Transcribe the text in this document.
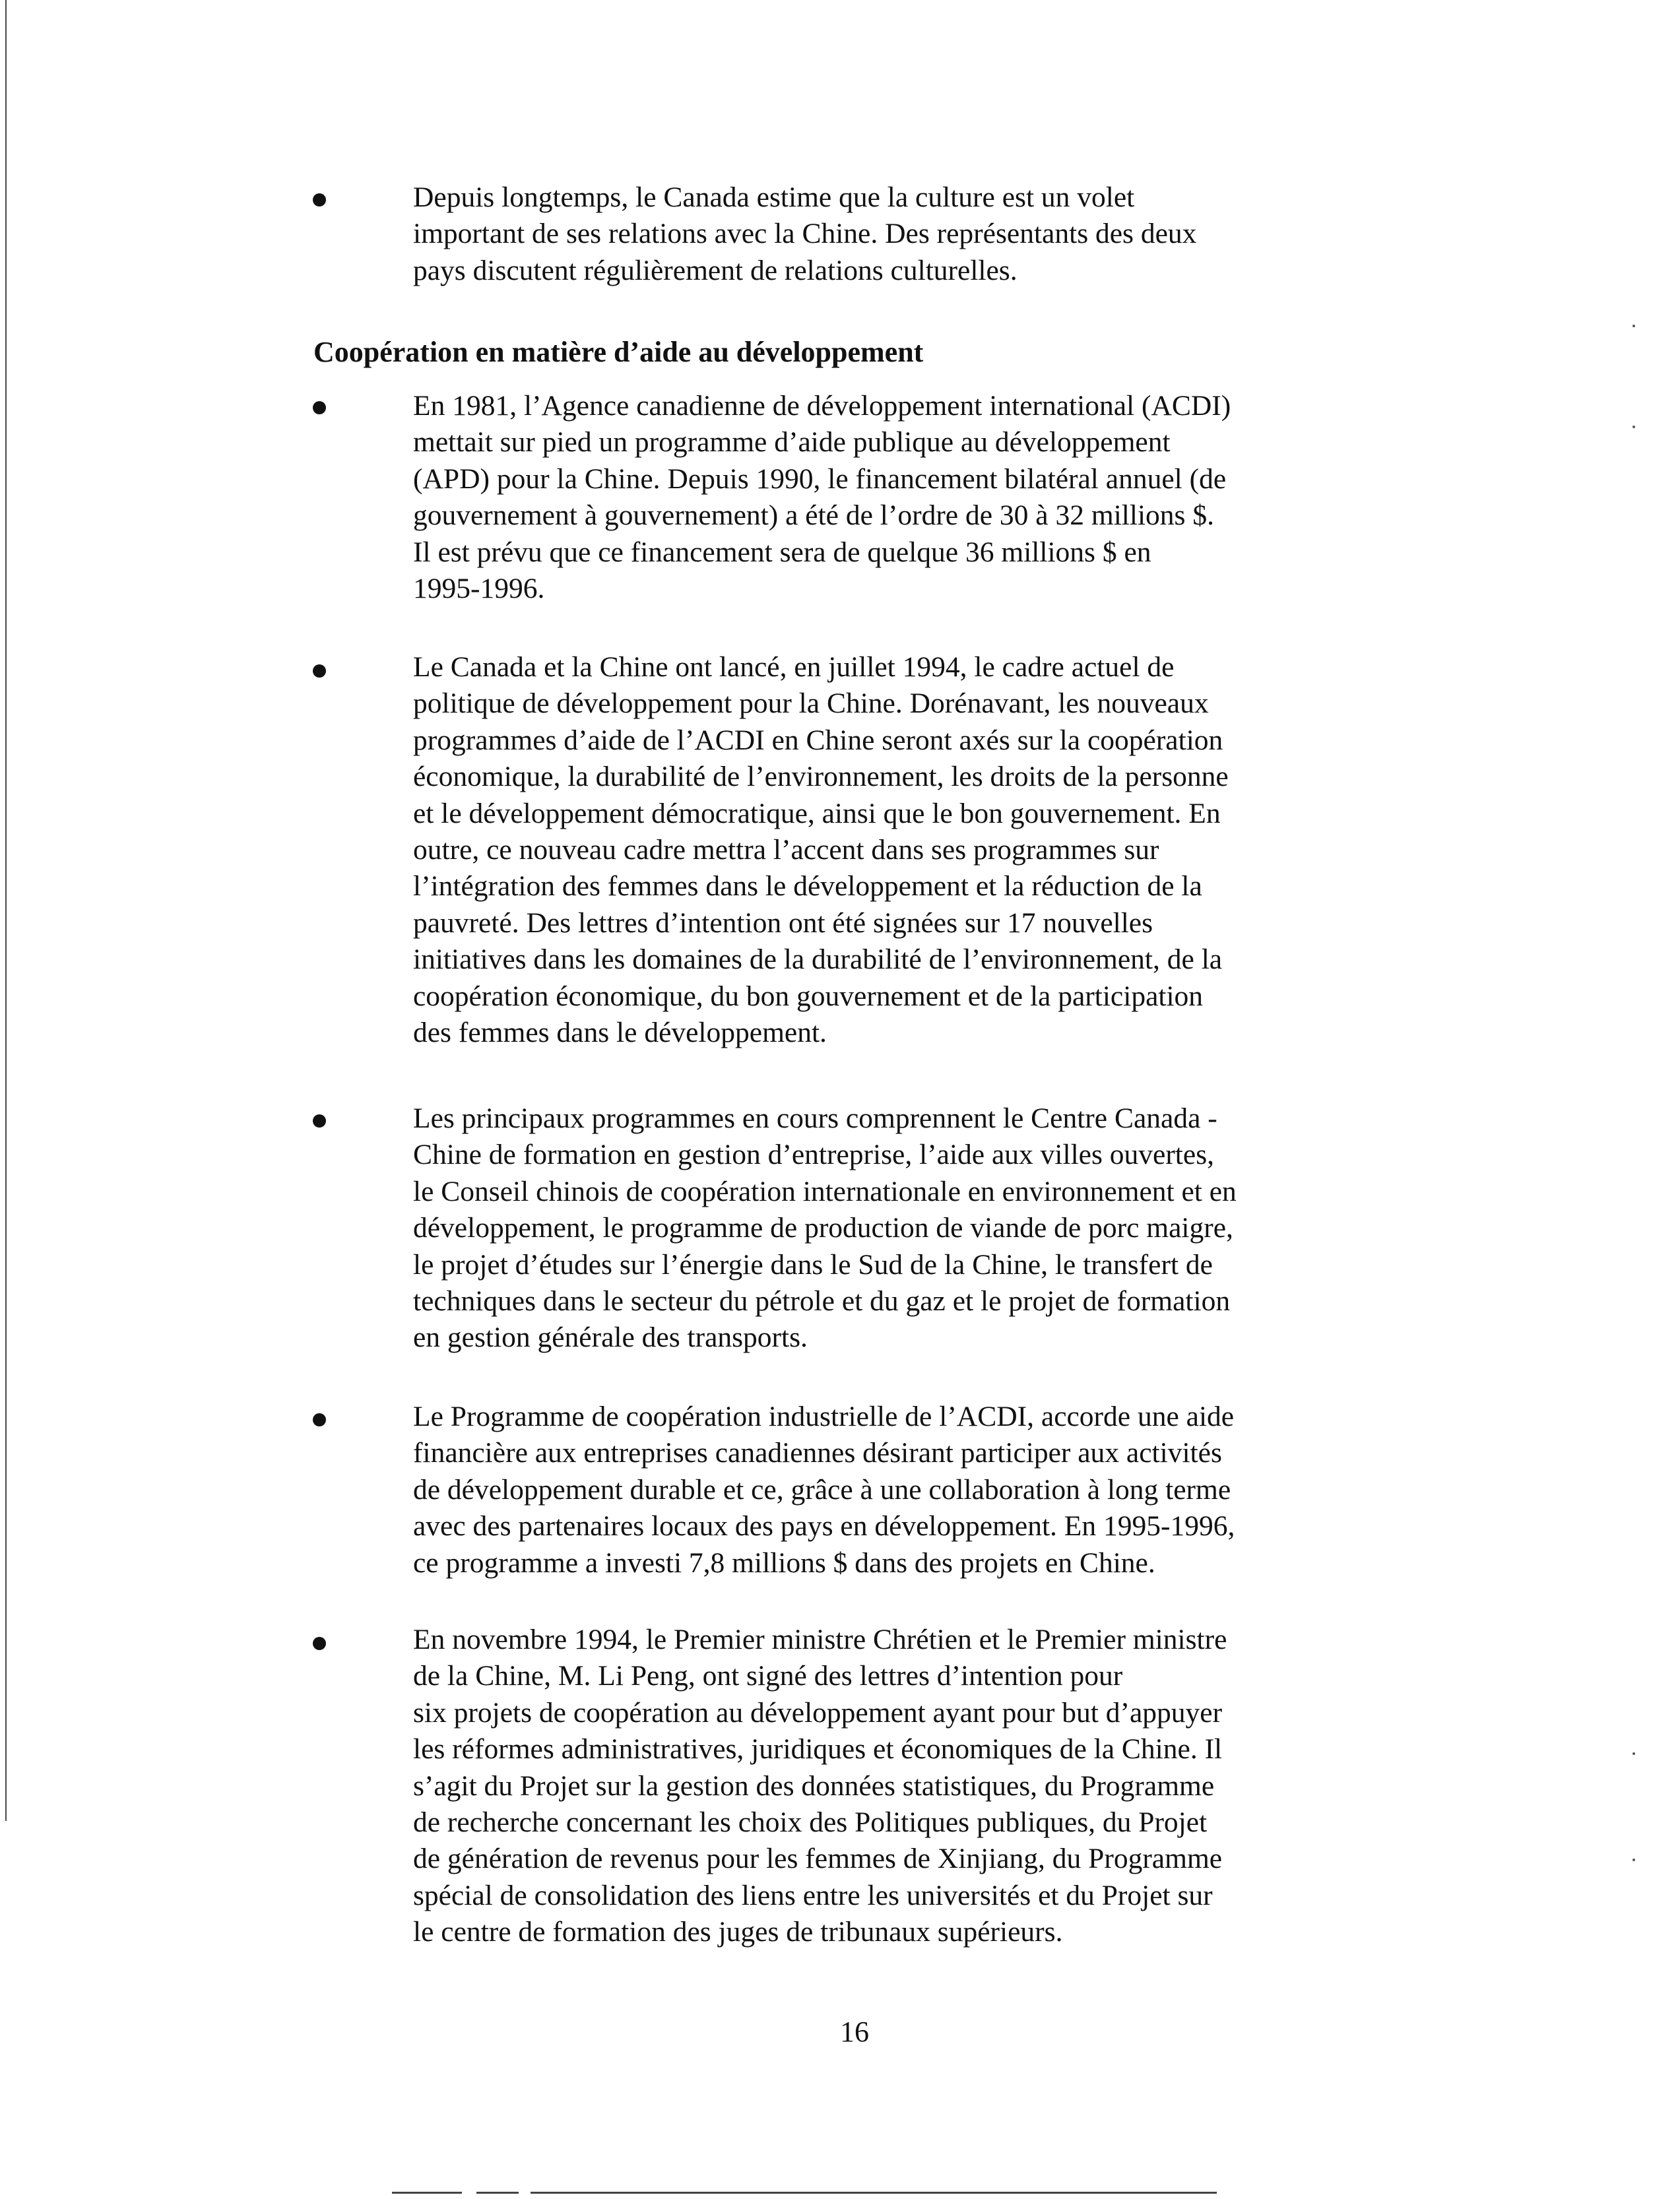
Depuis longtemps, le Canada estime que la culture est un volet
important de ses relations avec la Chine. Des représentants des deux
pays discutent régulièrement de relations culturelles.

Coopération en matière d’aide au développement

En 1981, l’Agence canadienne de développement international (ACDI)
mettait sur pied un programme d’aide publique au développement
(APD) pour la Chine. Depuis 1990, le financement bilatéral annuel (de
gouvernement à gouvernement) a été de l’ordre de 30 à 32 millions $.
Il est prévu que ce financement sera de quelque 36 millions $ en
1995-1996.

Le Canada et la Chine ont lancé, en juillet 1994, le cadre actuel de
politique de développement pour la Chine. Dorénavant, les nouveaux
programmes d’aide de l’ACDI en Chine seront axés sur la coopération
économique, la durabilité de l’environnement, les droits de la personne
et le développement démocratique, ainsi que le bon gouvernement. En
outre, ce nouveau cadre mettra l’accent dans ses programmes sur
l’intégration des femmes dans le développement et la réduction de la
pauvreté. Des lettres d’intention ont été signées sur 17 nouvelles
initiatives dans les domaines de la durabilité de l’environnement, de la
coopération économique, du bon gouvernement et de la participation
des femmes dans le développement.

Les principaux programmes en cours comprennent le Centre Canada -
Chine de formation en gestion d’entreprise, l’aide aux villes ouvertes,
le Conseil chinois de coopération internationale en environnement et en
développement, le programme de production de viande de porc maigre,
le projet d’études sur l’énergie dans le Sud de la Chine, le transfert de
techniques dans le secteur du pétrole et du gaz et le projet de formation
en gestion générale des transports.

Le Programme de coopération industrielle de l’ACDI, accorde une aide
financière aux entreprises canadiennes désirant participer aux activités
de développement durable et ce, grâce à une collaboration à long terme
avec des partenaires locaux des pays en développement. En 1995-1996,
ce programme a investi 7,8 millions $ dans des projets en Chine.

En novembre 1994, le Premier ministre Chrétien et le Premier ministre
de la Chine, M. Li Peng, ont signé des lettres d’intention pour
six projets de coopération au développement ayant pour but d’appuyer
les réformes administratives, juridiques et économiques de la Chine. Il
s’agit du Projet sur la gestion des données statistiques, du Programme
de recherche concernant les choix des Politiques publiques, du Projet
de génération de revenus pour les femmes de Xinjiang, du Programme
spécial de consolidation des liens entre les universités et du Projet sur
le centre de formation des juges de tribunaux supérieurs.

16
